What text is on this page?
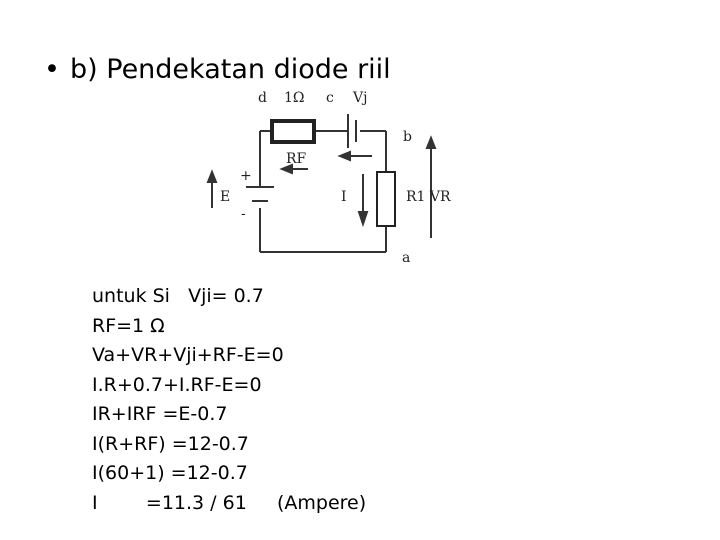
• b) Pendekatan diode riil
d 1Ω c Vj
b
RF
+
E
-
I	R1 VR
a
untuk Si   Vji= 0.7
RF=1 Ω
Va+VR+Vji+RF-E=0
I.R+0.7+I.RF-E=0
IR+IRF =E-0.7
I(R+RF) =12-0.7
I(60+1) =12-0.7
I        =11.3 / 61     (Ampere)
